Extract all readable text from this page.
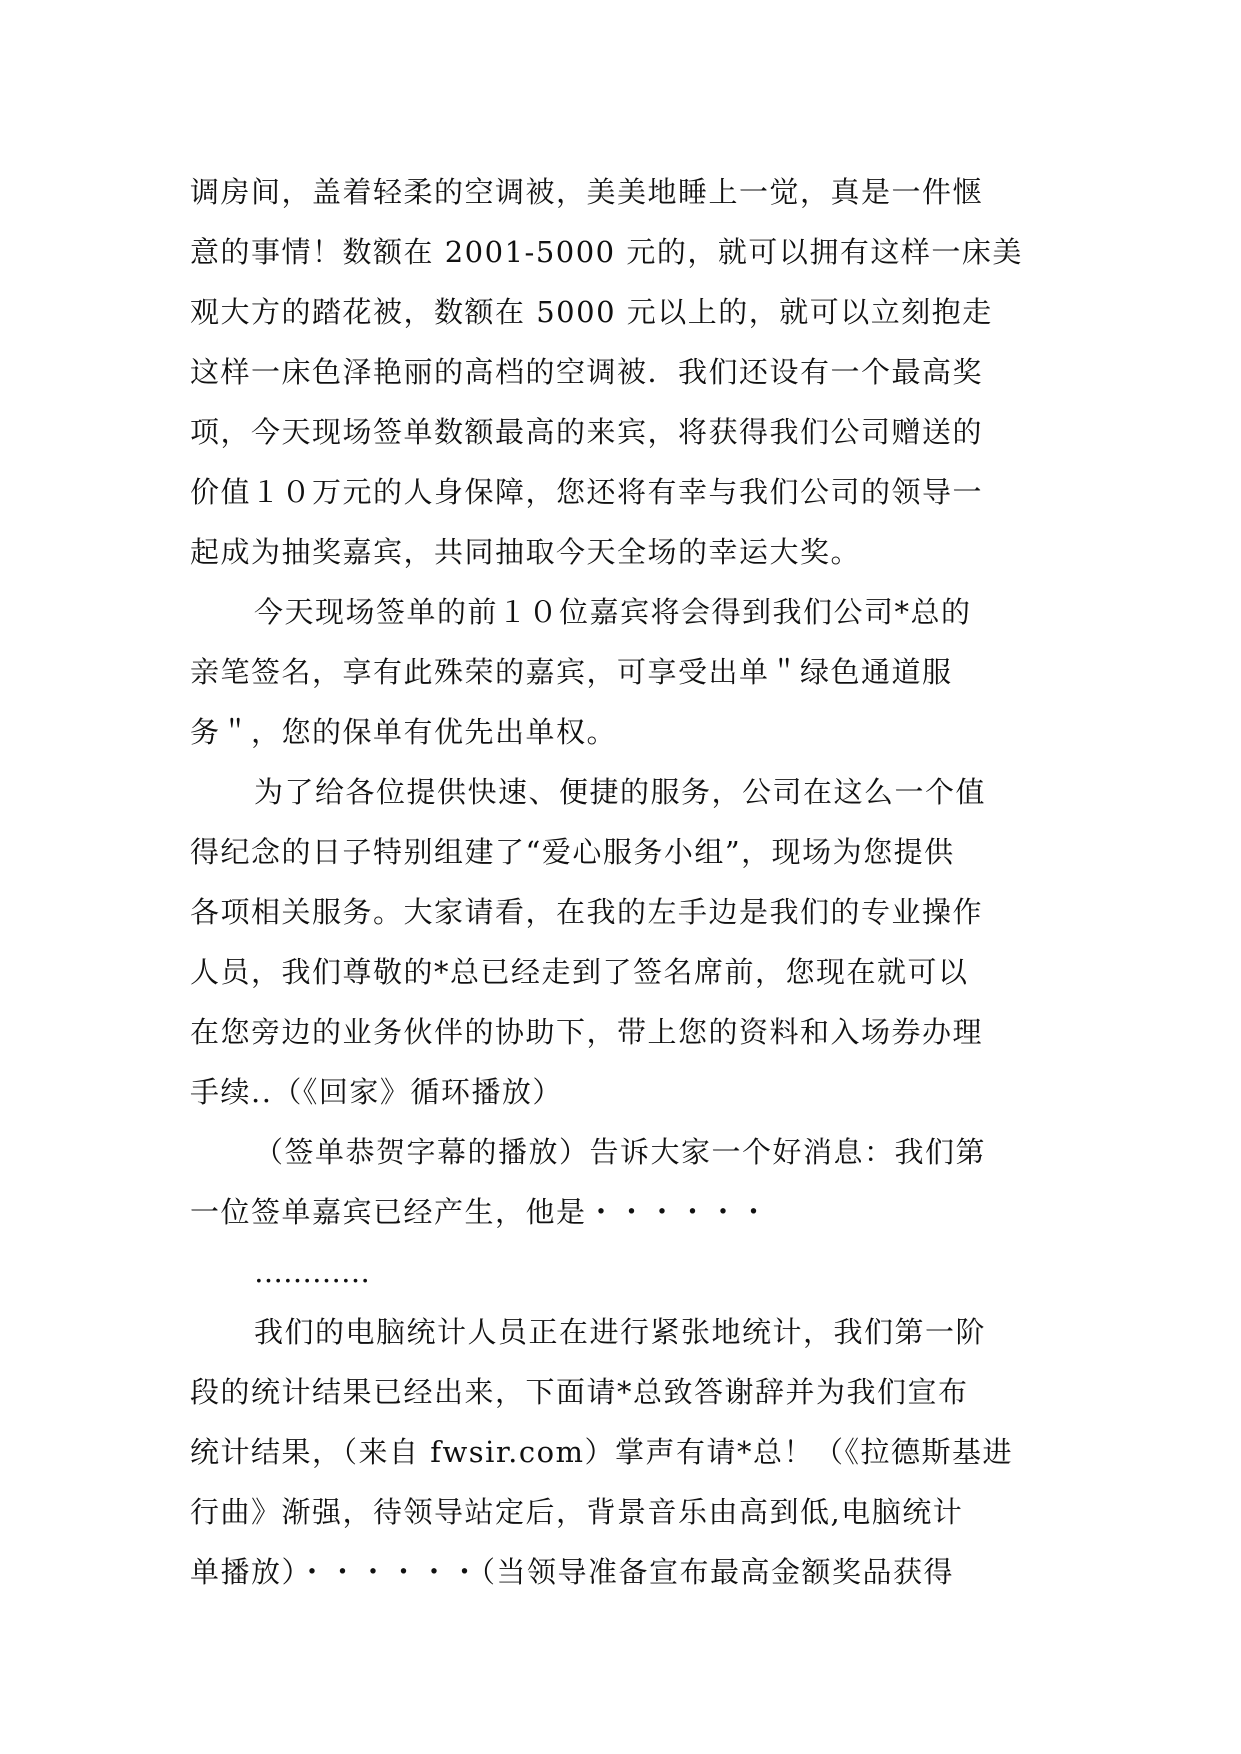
调房间，盖着轻柔的空调被，美美地睡上一觉，真是一件惬
意的事情！数额在 2001-5000 元的，就可以拥有这样一床美
观大方的踏花被，数额在 5000 元以上的，就可以立刻抱走
这样一床色泽艳丽的高档的空调被．我们还设有一个最高奖
项，今天现场签单数额最高的来宾，将获得我们公司赠送的
价值１０万元的人身保障，您还将有幸与我们公司的领导一
起成为抽奖嘉宾，共同抽取今天全场的幸运大奖。
今天现场签单的前１０位嘉宾将会得到我们公司*总的
亲笔签名，享有此殊荣的嘉宾，可享受出单＂绿色通道服
务＂，您的保单有优先出单权。
为了给各位提供快速、便捷的服务，公司在这么一个值
得纪念的日子特别组建了“爱心服务小组”，现场为您提供
各项相关服务。大家请看，在我的左手边是我们的专业操作
人员，我们尊敬的*总已经走到了签名席前，您现在就可以
在您旁边的业务伙伴的协助下，带上您的资料和入场券办理
手续..（《回家》循环播放）
（签单恭贺字幕的播放）告诉大家一个好消息：我们第
一位签单嘉宾已经产生，他是・・・・・・
…………
我们的电脑统计人员正在进行紧张地统计，我们第一阶
段的统计结果已经出来，下面请*总致答谢辞并为我们宣布
统计结果，（来自 fwsir.com）掌声有请*总！（《拉德斯基进
行曲》渐强，待领导站定后，背景音乐由高到低,电脑统计
单播放）・・・・・・（当领导准备宣布最高金额奖品获得
